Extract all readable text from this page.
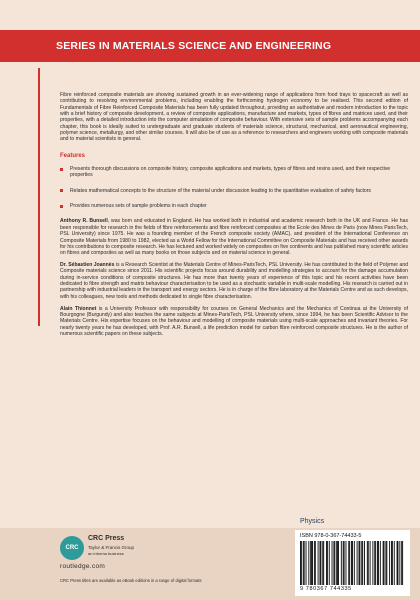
SERIES IN MATERIALS SCIENCE AND ENGINEERING

Fibre reinforced composite materials are showing sustained growth in an ever-widening range of applications from food trays to spacecraft as well as contributing to resolving environmental problems, including enabling the forthcoming hydrogen economy to be realised. This second edition of Fundamentals of Fibre Reinforced Composite Materials has been fully updated throughout, providing an authoritative and modern introduction to the topic with a brief history of composite development, a review of composite applications, manufacture and markets, types of fibres and matrices used, and their properties, with a detailed introduction into the computer simulation of composite behaviour. With extensive sets of sample problems accompanying each chapter, this book is ideally suited to undergraduate and graduate students of materials science, structural, mechanical, and aeronautical engineering, polymer science, metallurgy, and other similar courses. It will also be of use as a reference to researchers and engineers working with composite materials and to material scientists in general.

Features
Presents thorough discussions on composite history, composite applications and markets, types of fibres and resins used, and their respective properties
Relates mathematical concepts to the structure of the material under discussion leading to the quantitative evaluation of safety factors
Provides numerous sets of sample problems in each chapter

Anthony R. Bunsell, was born and educated in England. He has worked both in industrial and academic research both in the UK and France. He has been responsible for research in the fields of fibre reinforcements and fibre reinforced composites at the Ecole des Mines de Paris (now Mines ParisTech, PSL University) since 1975. He was a founding member of the French composite society (AMAC), and president of the International Conference on Composite Materials from 1980 to 1982, elected as a World Fellow for the International Committee on Composite Materials and has received other awards for his contributions to composite research. He has lectured and worked widely on composites on five continents and has published many scientific articles on fibres and composites as well as many books on those subjects and on material science in general.

Dr. Sébastien Joannès is a Research Scientist at the Materials Centre of Mines-ParisTech, PSL University. He has contributed to the field of Polymer and Composite materials science since 2011. His scientific projects focus around durability and modelling strategies to account for the damage accumulation during in-service conditions of composite structures. He has more than twenty years of experience of this topic and his recent activities have been dedicated to fibre strength and matrix behaviour characterisation to be used as a stochastic variable in multi-scale modelling. His research is carried out in partnership with industrial leaders in the transport and energy sectors. He is in charge of the fibre laboratory at the Materials Centre and as such develops, with his colleagues, new tools and methods dedicated to single fibre characterisation.

Alain Thionnet is a University Professor with responsibility for courses on General Mechanics and the Mechanics of Continua at the University of Bourgogne (Burgundy) and also teaches the same subjects at Mines-ParisTech, PSL University where, since 1994, he has been Scientific Advisor to the Materials Centre. His expertise focuses on the behaviour and modelling of composite materials using multi-scale approaches and invariant theories. For nearly twenty years he has developed, with Prof. A.R. Bunsell, a life prediction model for carbon fibre reinforced composite structures. He is the author of numerous scientific papers on these subjects.

Physics
CRC
CRC Press
Taylor & Francis Group
an informa business
routledge.com
CRC Press titles are available as eBook editions in a range of digital formats
ISBN 978-0-367-74433-5
9 780367 744335
